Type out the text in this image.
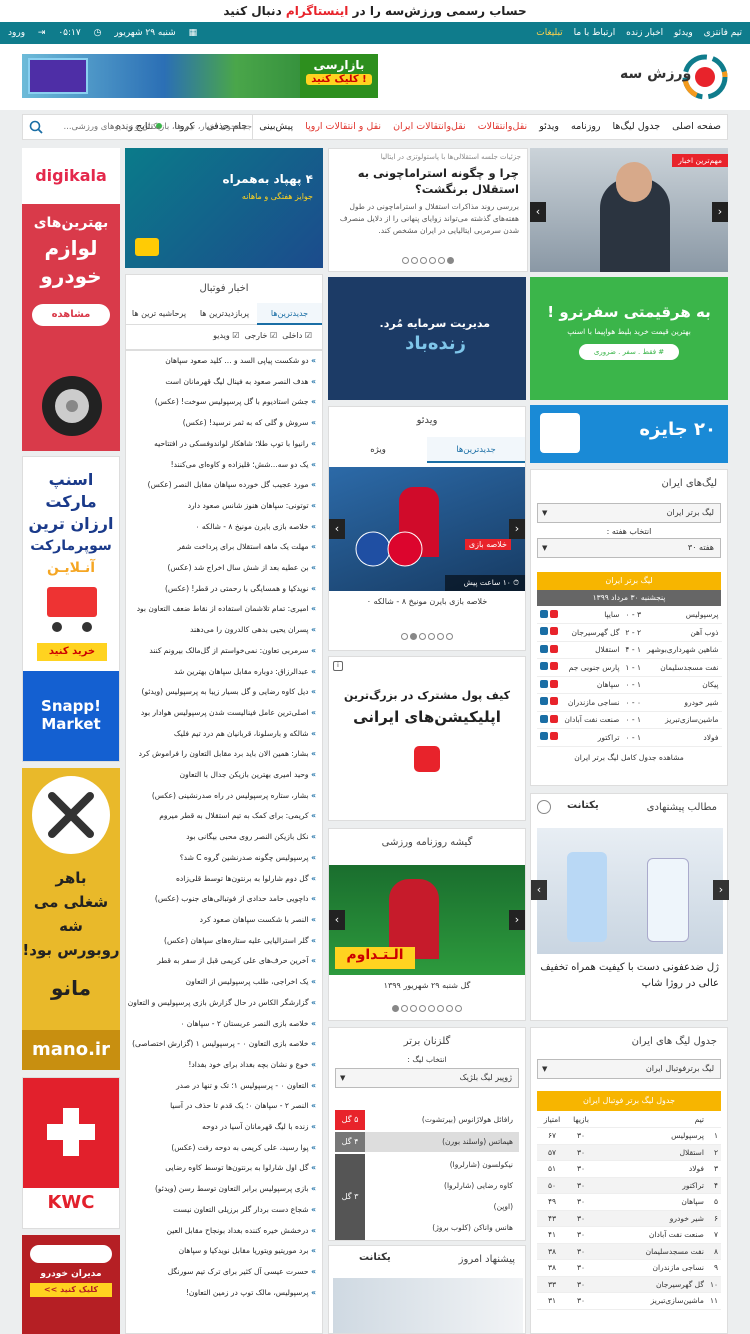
حساب رسمی ورزش‌سه را در اینستاگرام دنبال کنید
تیم فانتزی ویدئو اخبار زنده ارتباط با ما تبلیغات
▦ شنبه ۲۹ شهریور ◷ ۰۵:۱۷ ⇥ ورود
ورزش سه
بازارسی
کلیک کنید !
صفحه اصلی جدول لیگ‌ها روزنامه ویدئو نقل‌وانتقالات نقل‌وانتقالات ایران نقل و انتقالات اروپا پیش‌بینی جام حذفی کرونا نتایج زنده
جستجوی اخبار، تیم ها، بازیکنان و ویدیوهای ورزشی...
digikala
بهترین‌های
لوازم
خودرو
مشاهده
اسنپ مارکت
ارزان ترین
سوپرمارکت
آنـلایـن
خرید کنید
Snapp! Market
باهر
شغلی می شه
روبورس بود!
مانو
mano.ir
KWC
مدیران خودرو
کلیک کنید >>
۴ پهپاد به‌همراه
جوایز هفتگی و ماهانه
جزئیات جلسه استقلالی‌ها با پاستولوتزی در ایتالیا
چرا و چگونه استراماچونی به استقلال برنگشت؟
بررسی روند مذاکرات استقلال و استراماچونی در طول هفته‌های گذشته می‌تواند زوایای پنهانی را از دلایل منصرف شدن سرمربی ایتالیایی در ایران مشخص کند.
مهم‌ترین اخبار
‹	›
اخبار فوتبال
جدیدترین‌ها
پربازدیدترین ها
پرحاشیه ترین ها
☑ داخلی  ☑ خارجی  ☑ ویدیو
» دو شکست پیاپی السد و ... کلید صعود سپاهان
» هدف النصر صعود به فینال لیگ قهرمانان است
» جشن استادیوم با گل پرسپولیس سوخت! (عکس)
» سروش و گلی که به ثمر نرسید! (عکس)
» رانیوا با توپ طلا؛ شاهکار لواندوفسکی در افتتاحیه
» یک دو سه...شش؛ قلیزاده و کاوه‌ای می‌کنند!
» مورد عجیب گل خورده سپاهان مقابل النصر (عکس)
» توتونی: سپاهان هنوز شانس صعود دارد
» خلاصه بازی بایرن مونیخ ۸ - شالکه ۰
» مهلت یک ماهه استقلال برای پرداخت شفر
» بن عطیه بعد از شش سال اخراج شد (عکس)
» نویدکیا و همسایگی با رحمتی در قطر! (عکس)
» امیری: تمام تلاشمان استفاده از نقاط ضعف التعاون بود
» پسران یحیی بدهی کالدرون را می‌دهند
» سرمربی تعاون: نمی‌خواستم از گل‌مالک بیرونم کنند
» عبدالرزاق: دوباره مقابل سپاهان بهترین شد
» دیل کاوه رضایی و گل بسیار زیبا به پرسپولیس (ویدئو)
» اصلی‌ترین عامل فینالیست شدن پرسپولیس هوادار بود
» شالکه و بارسلونا، قربانیان هم درد تیم فلیک
» بشار: همین الان باید برد مقابل التعاون را فراموش کرد
» وحید امیری بهترین بازیکن جدال با التعاون
» بشار، ستاره پرسپولیس در راه صدرنشینی (عکس)
» کریمی: برای کمک به تیم استقلال به قطر میروم
» نکل بازیکن النصر روی محبی بیگانی بود
» پرسپولیس چگونه صدرنشین گروه C شد؟
» گل دوم شارلوا به برنتون‌ها توسط قلی‌زاده
» داچویی حامد حدادی از فوتبالی‌های جنوب (عکس)
» النصر با شکست سپاهان صعود کرد
» گلر استرالیایی علیه ستاره‌های سپاهان (عکس)
» آخرین حرف‌های علی کریمی قبل از سفر به قطر
» یک اخراجی، طلب پرسپولیس از التعاون
» گزارشگر الکاس در حال گزارش بازی پرسپولیس و التعاون
» خلاصه بازی النصر عربستان ۲ - سپاهان ۰
» خلاصه بازی التعاون ۰ - پرسپولیس ۱ (گزارش اختصاصی)
» خوع و نشان بچه بغداد برای خود بفداد!
» التعاون ۰ - پرسپولیس ۱؛ تک و تنها در صدر
» النصر ۲ - سپاهان ۰؛ یک قدم تا حذف در آسیا
» زنده با لیگ قهرمانان آسیا در دوحه
» پوا رسید، علی کریمی به دوحه رفت (عکس)
» گل اول شارلوا به برنتون‌ها توسط کاوه رضایی
» بازی پرسپولیس برابر التعاون توسط رسن (ویدئو)
» شجاع دست بردار گلر برزیلی التعاون نیست
» درخشش خیره کننده بغداد بونجاح مقابل العین
» برد موریتیو ویتوریا مقابل نویدکیا و سپاهان
» حسرت عیسی آل کثیر برای ترک تیم سورنگل
» پرسپولیس، مالک توپ در زمین التعاون!
مدیریت سرمایه مُرد.
زنده‌باد
ویدئو
جدیدترین‌ها
ویژه
خلاصه بازی
⏱ ۱۰ ساعت پیش
‹	›
خلاصه بازی بایرن مونیخ ۸ - شالکه ۰
i
کیف پول مشترک در بزرگ‌ترین
اپلیکیشن‌های ایرانی
گیشه روزنامه ورزشی
الـتـداوم
‹	›
گل شنبه ۲۹ شهریور ۱۳۹۹
گلزنان برتر
انتخاب لیگ :
ژوپیر لیگ بلژیک ▼
۵ گل	رافائل هولاژانوس (بیرتشوت)
۴ گل	هیماتس (واسلند بورن)
۳ گل
نیکولسون (شارلروا)
کاوه رضایی (شارلروا)
(اوپن)
هانس واناکن (کلوب بروژ)
پیشنهاد امروز
یکتانت
به هرقیمتی سفرنرو !
بهترین قیمت خرید بلیط هواپیما با اسنپ
# فقط . سفر . ضروری
۲۰ جایزه
لیگ‌های ایران
لیگ برتر ایران ▼
انتخاب هفته :
هفته ۳۰ ▼
لیگ برتر ایران
پنجشنبه ۳۰ مرداد ۱۳۹۹
پرسپولیس	۳ - ۰	سایپا	
ذوب آهن	۲ - ۲	گل گهرسیرجان	
شاهین شهرداری‌بوشهر	۱ - ۴	استقلال	
نفت مسجدسلیمان	۱ - ۱	پارس جنوبی جم	
پیکان	۱ - ۰	سپاهان	
شیر خودرو	۰ - ۰	نساجی مازندران	
ماشین‌سازی‌تبریز	۱ - ۰	صنعت نفت آبادان	
فولاد	۱ - ۰	تراکتور	
مشاهده جدول کامل لیگ برتر ایران
مطالب پیشنهادی
یکتانت
‹	›
ژل ضدعفونی دست با کیفیت همراه تخفیف عالی در روژا شاپ
جدول لیگ های ایران
لیگ برترفوتبال ایران ▼
جدول لیگ برتر فوتبال ایران
	تیم	بازیها	امتیاز
۱	پرسپولیس	۳۰	۶۷
۲	استقلال	۳۰	۵۷
۳	فولاد	۳۰	۵۱
۴	تراکتور	۳۰	۵۰
۵	سپاهان	۳۰	۴۹
۶	شیر خودرو	۳۰	۴۳
۷	صنعت نفت آبادان	۳۰	۴۱
۸	نفت مسجدسلیمان	۳۰	۳۸
۹	نساجی مازندران	۳۰	۳۸
۱۰	گل گهرسیرجان	۳۰	۳۳
۱۱	ماشین‌سازی‌تبریز	۳۰	۳۱
